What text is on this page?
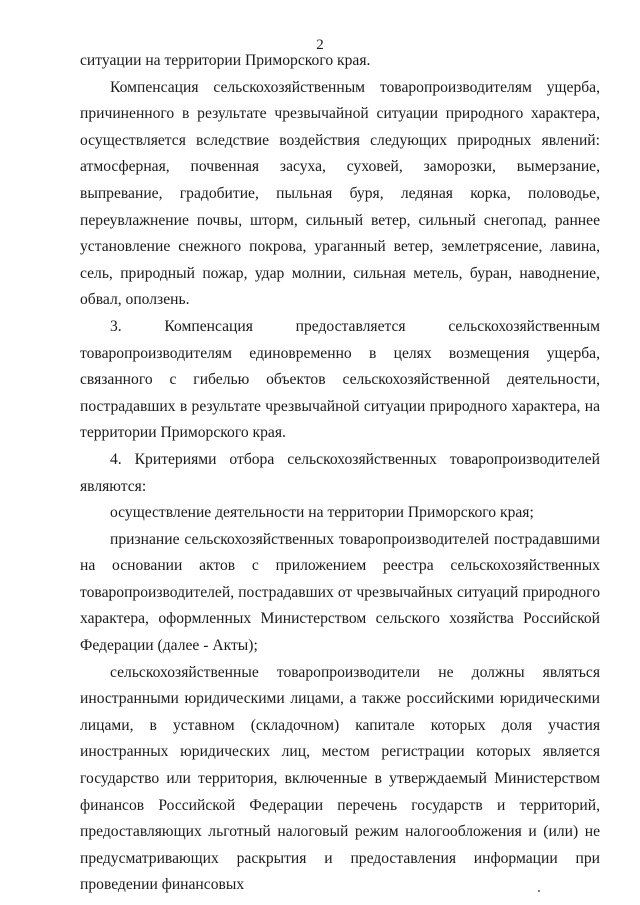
2

ситуации на территории Приморского края.

Компенсация сельскохозяйственным товаропроизводителям ущерба, причиненного в результате чрезвычайной ситуации природного характера, осуществляется вследствие воздействия следующих природных явлений: атмосферная, почвенная засуха, суховей, заморозки, вымерзание, выпревание, градобитие, пыльная буря, ледяная корка, половодье, переувлажнение почвы, шторм, сильный ветер, сильный снегопад, раннее установление снежного покрова, ураганный ветер, землетрясение, лавина, сель, природный пожар, удар молнии, сильная метель, буран, наводнение, обвал, оползень.

3. Компенсация предоставляется сельскохозяйственным товаропроизводителям единовременно в целях возмещения ущерба, связанного с гибелью объектов сельскохозяйственной деятельности, пострадавших в результате чрезвычайной ситуации природного характера, на территории Приморского края.

4. Критериями отбора сельскохозяйственных товаропроизводителей являются:

осуществление деятельности на территории Приморского края;

признание сельскохозяйственных товаропроизводителей пострадавшими на основании актов с приложением реестра сельскохозяйственных товаропроизводителей, пострадавших от чрезвычайных ситуаций природного характера, оформленных Министерством сельского хозяйства Российской Федерации (далее - Акты);

сельскохозяйственные товаропроизводители не должны являться иностранными юридическими лицами, а также российскими юридическими лицами, в уставном (складочном) капитале которых доля участия иностранных юридических лиц, местом регистрации которых является государство или территория, включенные в утверждаемый Министерством финансов Российской Федерации перечень государств и территорий, предоставляющих льготный налоговый режим налогообложения и (или) не предусматривающих раскрытия и предоставления информации при проведении финансовых
